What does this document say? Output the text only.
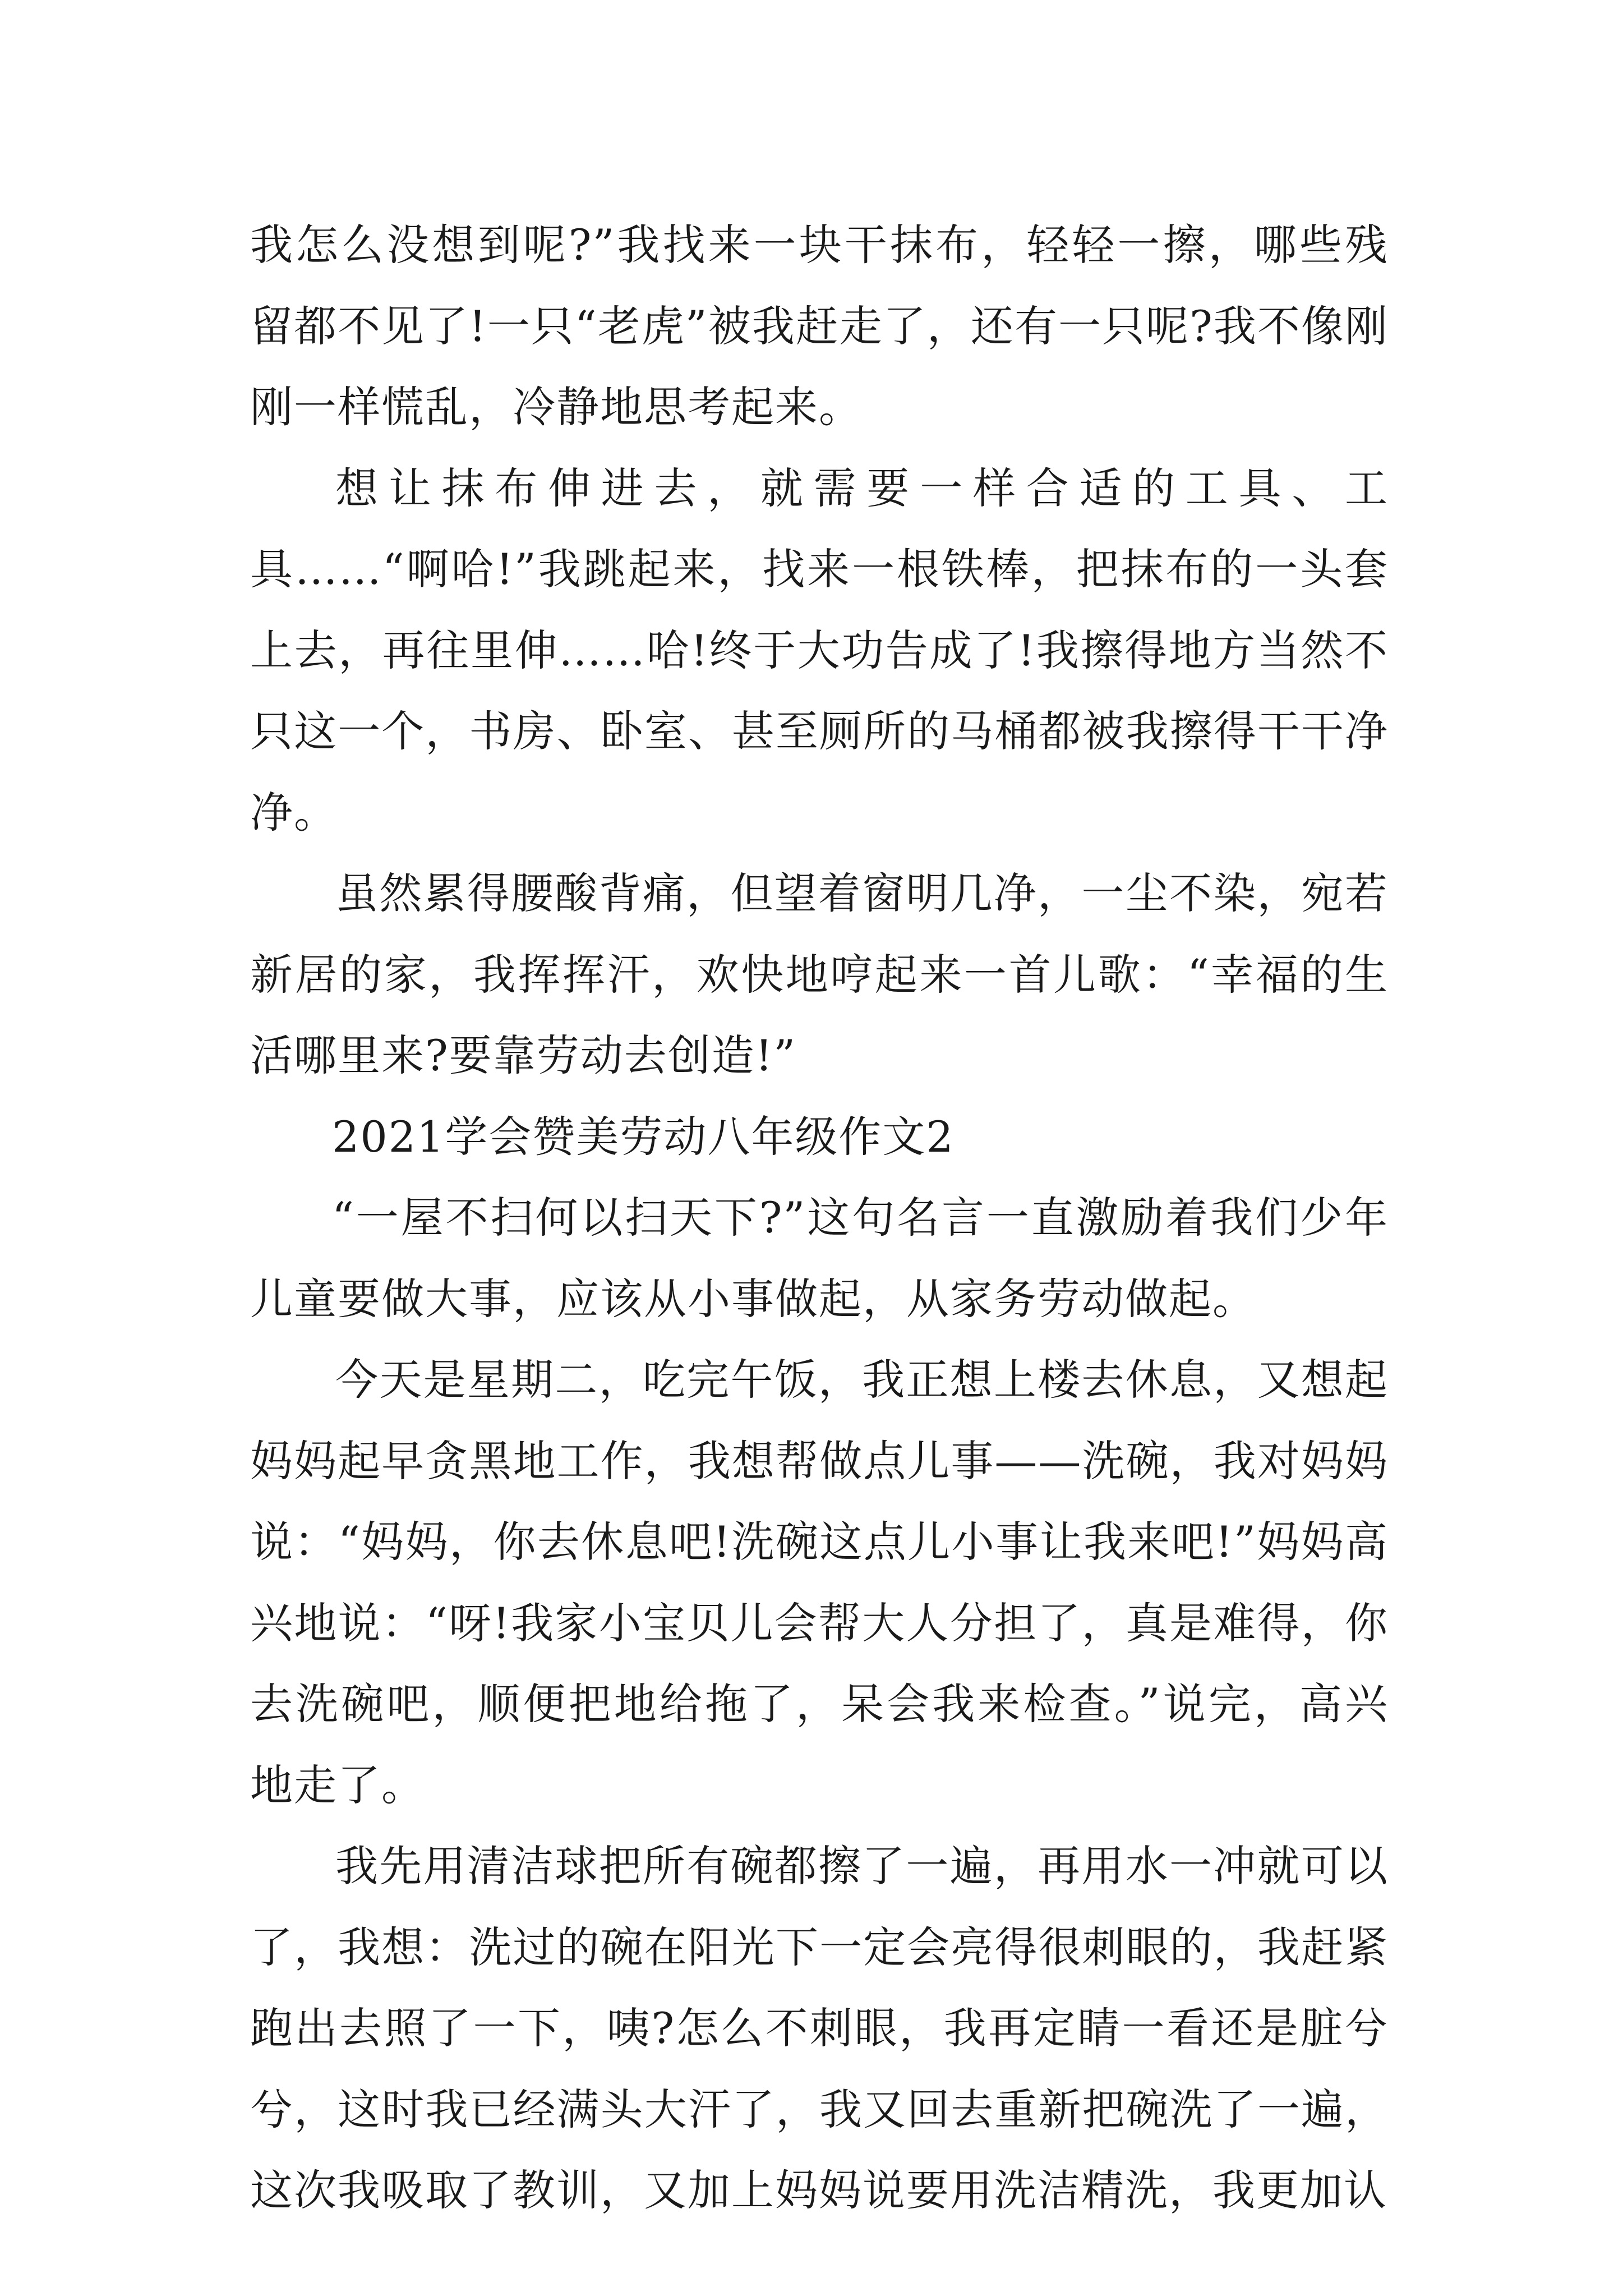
我怎么没想到呢?”我找来一块干抹布，轻轻一擦，哪些残留都不见了!一只“老虎”被我赶走了，还有一只呢?我不像刚刚一样慌乱，冷静地思考起来。

想让抹布伸进去，就需要一样合适的工具、工具……“啊哈!”我跳起来，找来一根铁棒，把抹布的一头套上去，再往里伸……哈!终于大功告成了!我擦得地方当然不只这一个，书房、卧室、甚至厕所的马桶都被我擦得干干净净。

虽然累得腰酸背痛，但望着窗明几净，一尘不染，宛若新居的家，我挥挥汗，欢快地哼起来一首儿歌：“幸福的生活哪里来?要靠劳动去创造!”

2021学会赞美劳动八年级作文2

“一屋不扫何以扫天下?”这句名言一直激励着我们少年儿童要做大事，应该从小事做起，从家务劳动做起。

今天是星期二，吃完午饭，我正想上楼去休息，又想起妈妈起早贪黑地工作，我想帮做点儿事——洗碗，我对妈妈说：“妈妈，你去休息吧!洗碗这点儿小事让我来吧!”妈妈高兴地说：“呀!我家小宝贝儿会帮大人分担了，真是难得，你去洗碗吧，顺便把地给拖了，呆会我来检查。”说完，高兴地走了。

我先用清洁球把所有碗都擦了一遍，再用水一冲就可以了，我想：洗过的碗在阳光下一定会亮得很刺眼的，我赶紧跑出去照了一下，咦?怎么不刺眼，我再定睛一看还是脏兮兮，这时我已经满头大汗了，我又回去重新把碗洗了一遍，这次我吸取了教训，又加上妈妈说要用洗洁精洗，我更加认
